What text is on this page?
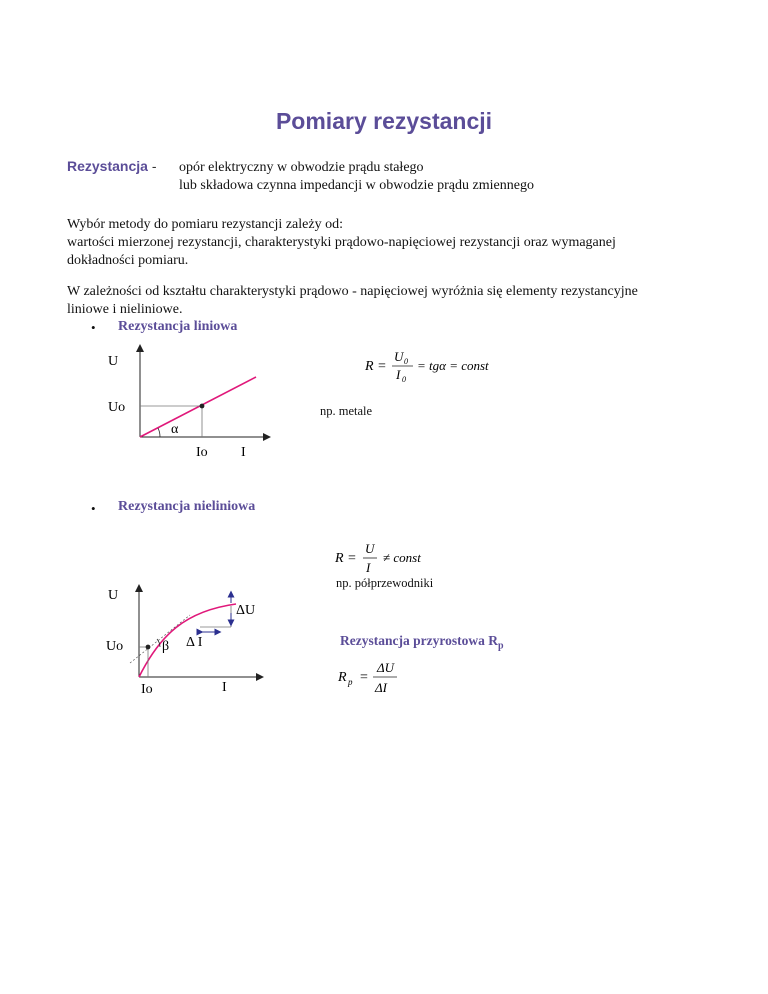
Pomiary rezystancji
Rezystancja - opór elektryczny w obwodzie prądu stałego
lub składowa czynna impedancji w obwodzie prądu zmiennego
Wybór metody do pomiaru rezystancji zależy od:
wartości mierzonej rezystancji, charakterystyki prądowo-napięciowej rezystancji oraz wymaganej
dokładności pomiaru.
W zależności od kształtu charakterystyki prądowo - napięciowej wyróżnia się elementy rezystancyjne
liniowe i nieliniowe.
• Rezystancja liniowa
U
Uo
α
Io I
R =
U 0
I 0
= tgα = const
np. metale
• Rezystancja nieliniowa
R =
U
I
≠ const
np. półprzewodniki
U
ΔU
Δ I
Uo	β
Io	I
Rezystancja przyrostowa $R_p$
R p =
ΔU
ΔI
